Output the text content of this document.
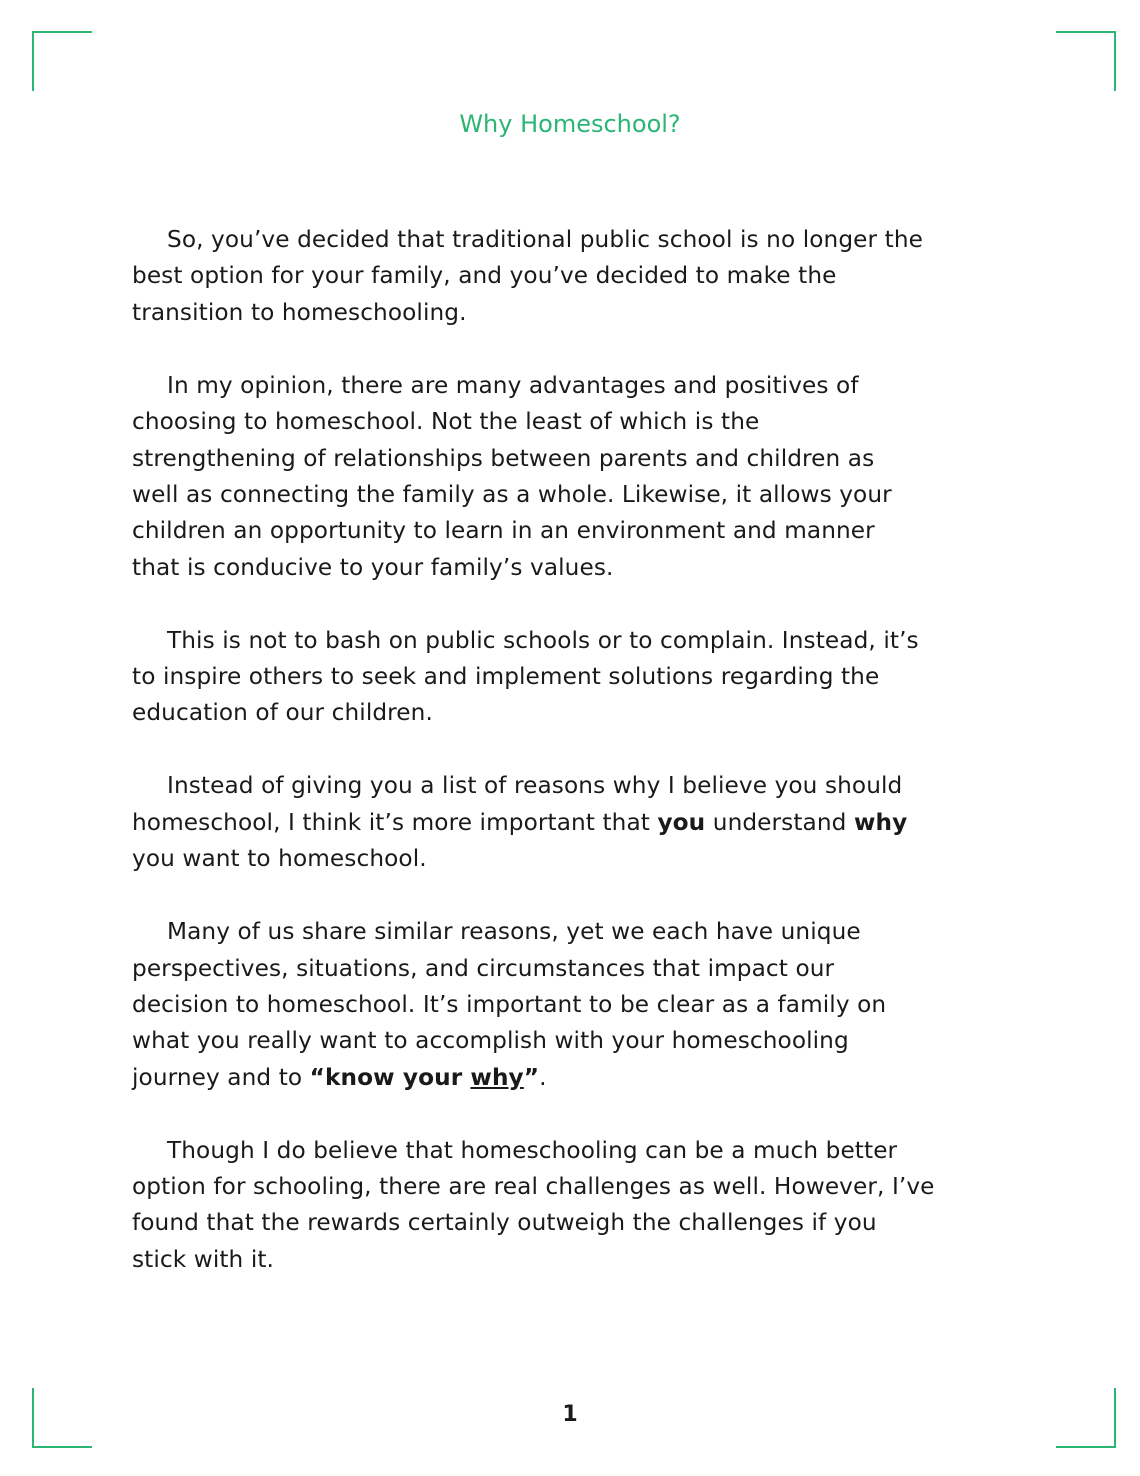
Why Homeschool?

So, you’ve decided that traditional public school is no longer the
best option for your family, and you’ve decided to make the
transition to homeschooling.

In my opinion, there are many advantages and positives of
choosing to homeschool. Not the least of which is the
strengthening of relationships between parents and children as
well as connecting the family as a whole. Likewise, it allows your
children an opportunity to learn in an environment and manner
that is conducive to your family’s values.

This is not to bash on public schools or to complain. Instead, it’s
to inspire others to seek and implement solutions regarding the
education of our children.

Instead of giving you a list of reasons why I believe you should
homeschool, I think it’s more important that you understand why
you want to homeschool.

Many of us share similar reasons, yet we each have unique
perspectives, situations, and circumstances that impact our
decision to homeschool. It’s important to be clear as a family on
what you really want to accomplish with your homeschooling
journey and to “know your why”.

Though I do believe that homeschooling can be a much better
option for schooling, there are real challenges as well. However, I’ve
found that the rewards certainly outweigh the challenges if you
stick with it.

1
